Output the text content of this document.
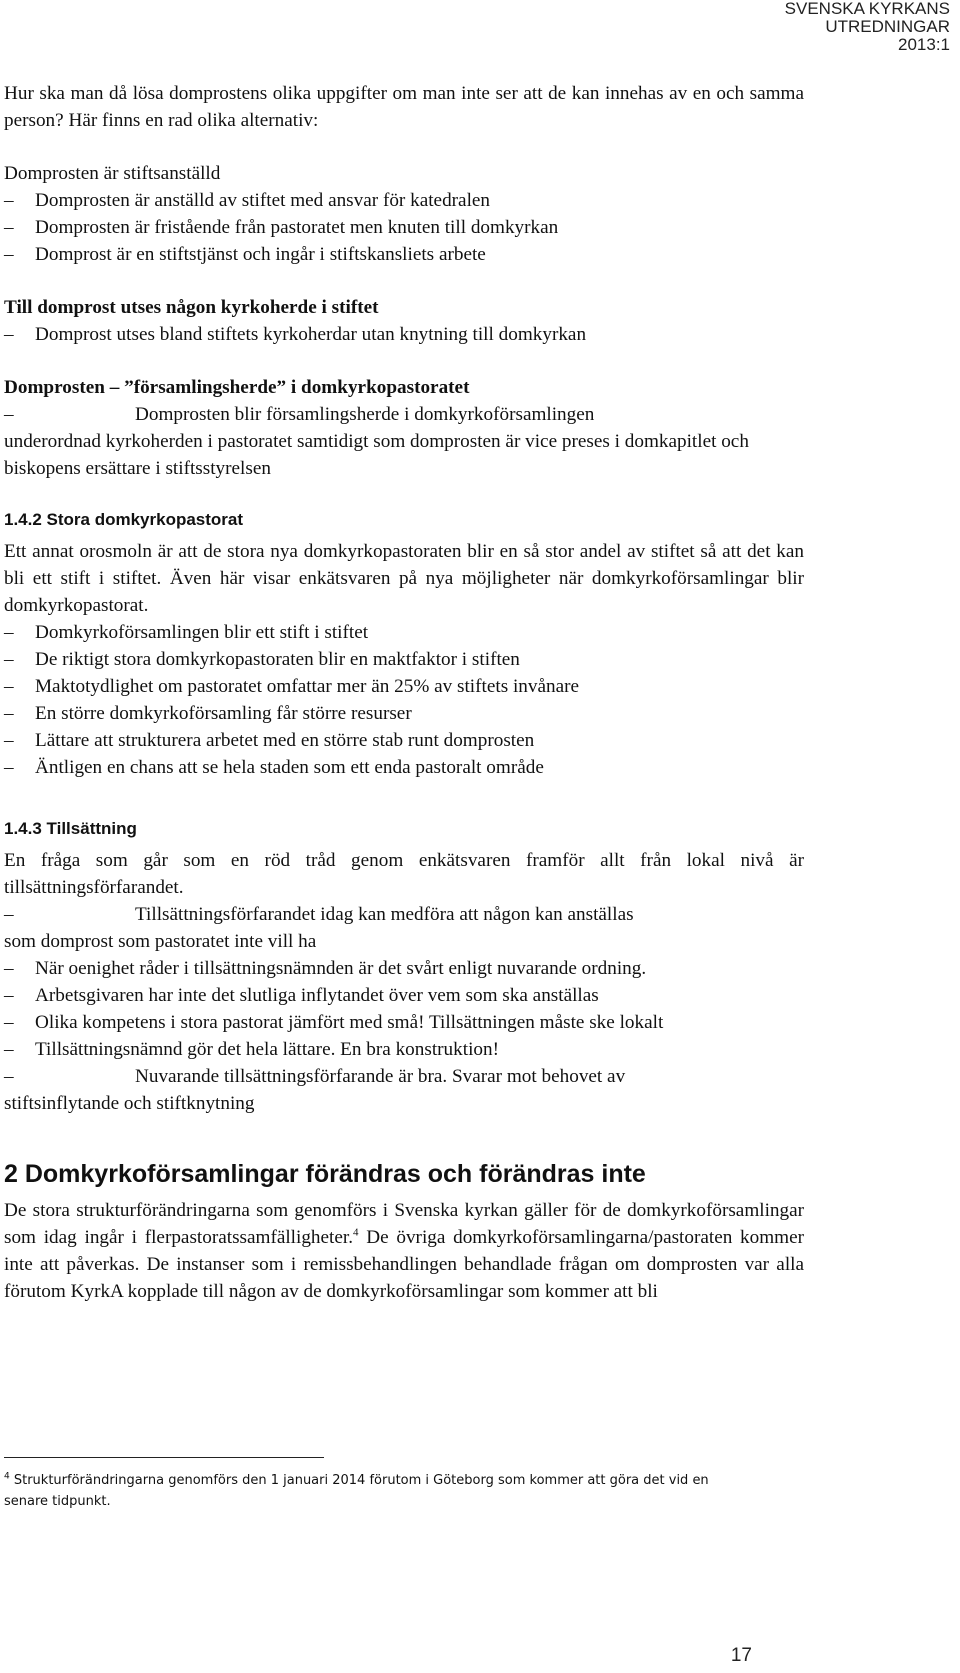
SVENSKA KYRKANS
UTREDNINGAR
2013:1

Hur ska man då lösa domprostens olika uppgifter om man inte ser att de kan innehas av en och samma person? Här finns en rad olika alternativ:

Domprosten är stiftsanställd

– Domprosten är anställd av stiftet med ansvar för katedralen

– Domprosten är fristående från pastoratet men knuten till domkyrkan

– Domprost är en stiftstjänst och ingår i stiftskansliets arbete

Till domprost utses någon kyrkoherde i stiftet

– Domprost utses bland stiftets kyrkoherdar utan knytning till domkyrkan

Domprosten – ”församlingsherde” i domkyrkopastoratet

– Domprosten blir församlingsherde i domkyrkoförsamlingen

underordnad kyrkoherden i pastoratet samtidigt som domprosten är vice preses i domkapitlet och biskopens ersättare i stiftsstyrelsen

1.4.2 Stora domkyrkopastorat

Ett annat orosmoln är att de stora nya domkyrkopastoraten blir en så stor andel av stiftet så att det kan bli ett stift i stiftet. Även här visar enkätsvaren på nya möjligheter när domkyrkoförsamlingar blir domkyrkopastorat.

– Domkyrkoförsamlingen blir ett stift i stiftet

– De riktigt stora domkyrkopastoraten blir en maktfaktor i stiften

– Maktotydlighet om pastoratet omfattar mer än 25% av stiftets invånare

– En större domkyrkoförsamling får större resurser

– Lättare att strukturera arbetet med en större stab runt domprosten

– Äntligen en chans att se hela staden som ett enda pastoralt område

1.4.3 Tillsättning

En fråga som går som en röd tråd genom enkätsvaren framför allt från lokal nivå är tillsättningsförfarandet.

– Tillsättningsförfarandet idag kan medföra att någon kan anställas

som domprost som pastoratet inte vill ha

– När oenighet råder i tillsättningsnämnden är det svårt enligt nuvarande ordning.

– Arbetsgivaren har inte det slutliga inflytandet över vem som ska anställas

– Olika kompetens i stora pastorat jämfört med små! Tillsättningen måste ske lokalt

– Tillsättningsnämnd gör det hela lättare. En bra konstruktion!

– Nuvarande tillsättningsförfarande är bra. Svarar mot behovet av

stiftsinflytande och stiftknytning

2 Domkyrkoförsamlingar förändras och förändras inte

De stora strukturförändringarna som genomförs i Svenska kyrkan gäller för de domkyrkoförsamlingar som idag ingår i flerpastoratssamfälligheter.$^4$ De övriga domkyrkoförsamlingarna/pastoraten kommer inte att påverkas. De instanser som i remissbehandlingen behandlade frågan om domprosten var alla förutom KyrkA kopplade till någon av de domkyrkoförsamlingar som kommer att bli

$^4$ Strukturförändringarna genomförs den 1 januari 2014 förutom i Göteborg som kommer att göra det vid en senare tidpunkt.
17
